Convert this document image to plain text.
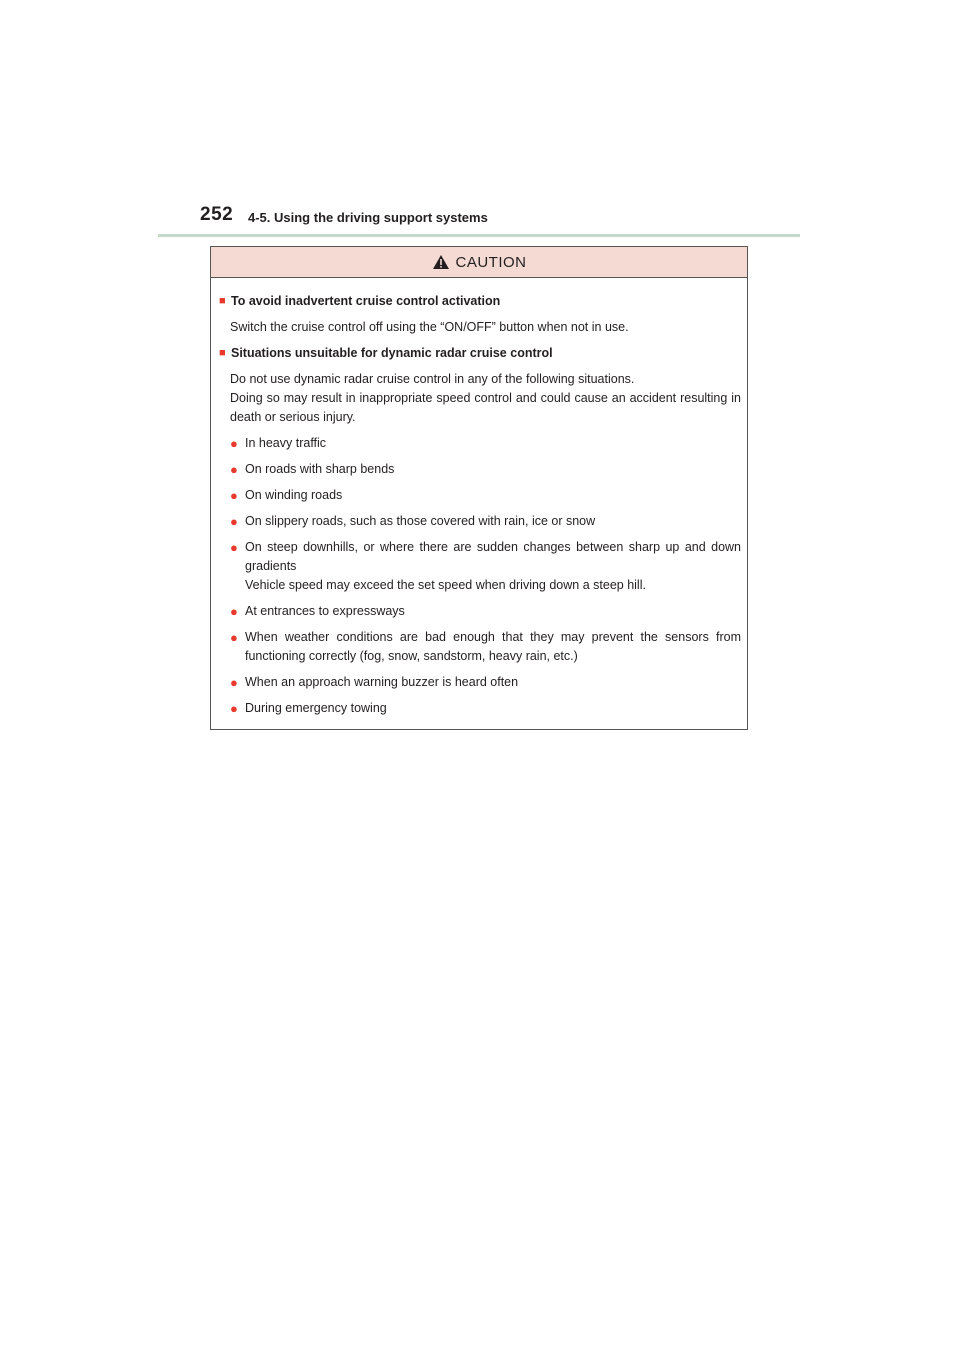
252 4-5. Using the driving support systems
CAUTION
■ To avoid inadvertent cruise control activation
Switch the cruise control off using the “ON/OFF” button when not in use.
■ Situations unsuitable for dynamic radar cruise control
Do not use dynamic radar cruise control in any of the following situations.
Doing so may result in inappropriate speed control and could cause an accident resulting in death or serious injury.
● In heavy traffic
● On roads with sharp bends
● On winding roads
● On slippery roads, such as those covered with rain, ice or snow
● On steep downhills, or where there are sudden changes between sharp up and down gradients
Vehicle speed may exceed the set speed when driving down a steep hill.
● At entrances to expressways
● When weather conditions are bad enough that they may prevent the sensors from functioning correctly (fog, snow, sandstorm, heavy rain, etc.)
● When an approach warning buzzer is heard often
● During emergency towing
